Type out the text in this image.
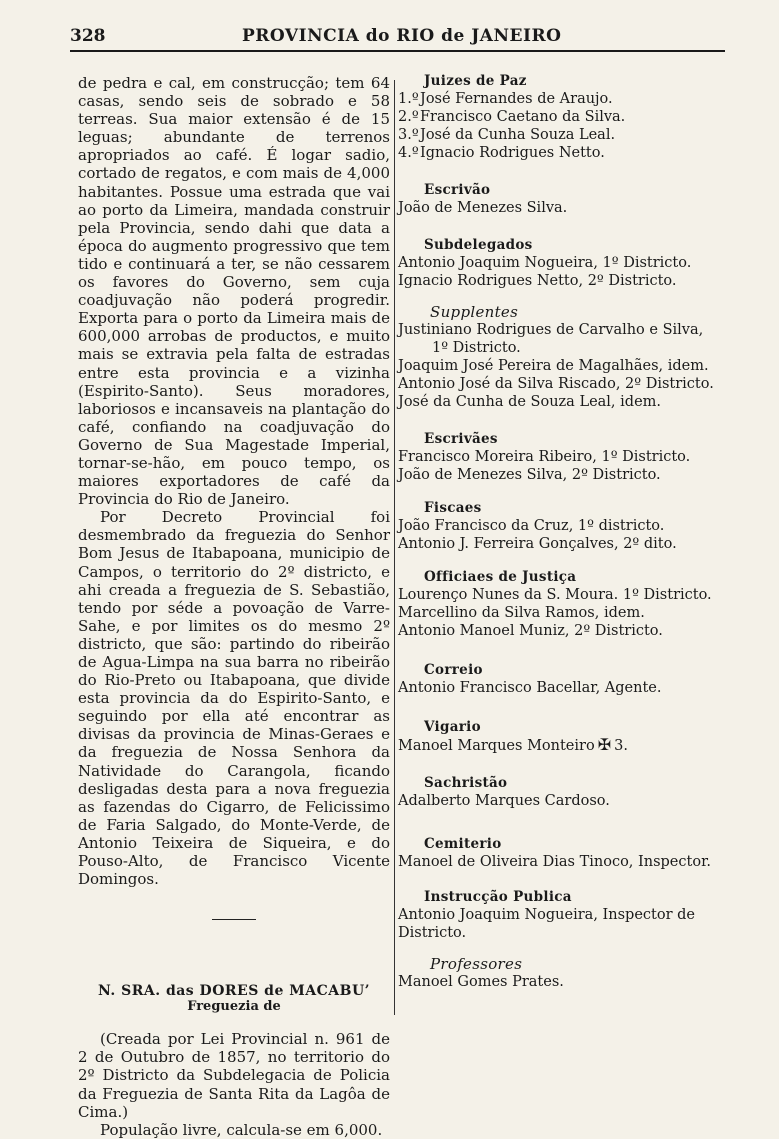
328	PROVINCIA do RIO de JANEIRO

de pedra e cal, em construcção; tem 64 casas, sendo seis de sobrado e 58 terreas. Sua maior extensão é de 15 leguas; abundante de terrenos apropriados ao café. É logar sadio, cortado de regatos, e com mais de 4,000 habitantes. Possue uma estrada que vai ao porto da Limeira, mandada construir pela Provincia, sendo dahi que data a época do augmento progressivo que tem tido e continuará a ter, se não cessarem os favores do Governo, sem cuja coadjuvação não poderá progredir. Exporta para o porto da Limeira mais de 600,000 arrobas de productos, e muito mais se extravia pela falta de estradas entre esta provincia e a vizinha (Espirito-Santo). Seus moradores, laboriosos e incansaveis na plantação do café, confiando na coadjuvação do Governo de Sua Magestade Imperial, tornar-se-hão, em pouco tempo, os maiores exportadores de café da Provincia do Rio de Janeiro.

Por Decreto Provincial foi desmembrado da freguezia do Senhor Bom Jesus de Itabapoana, municipio de Campos, o territorio do 2º districto, e ahi creada a freguezia de S. Sebastião, tendo por séde a povoação de Varre-Sahe, e por limites os do mesmo 2º districto, que são: partindo do ribeirão de Agua-Limpa na sua barra no ribeirão do Rio-Preto ou Itabapoana, que divide esta provincia da do Espirito-Santo, e seguindo por ella até encontrar as divisas da provincia de Minas-Geraes e da freguezia de Nossa Senhora da Natividade do Carangola, ficando desligadas desta para a nova freguezia as fazendas do Cigarro, de Felicissimo de Faria Salgado, do Monte-Verde, de Antonio Teixeira de Siqueira, e do Pouso-Alto, de Francisco Vicente Domingos.

N. SRA. das DORES de MACABU’
Freguezia de

(Creada por Lei Provincial n. 961 de 2 de Outubro de 1857, no territorio do 2º Districto da Subdelegacia de Policia da Freguezia de Santa Rita da Lagôa de Cima.)

População livre, calcula-se em 6,000.

Juizes de Paz
1.ºJosé Fernandes de Araujo.
2.ºFrancisco Caetano da Silva.
3.ºJosé da Cunha Souza Leal.
4.ºIgnacio Rodrigues Netto.
Escrivão
João de Menezes Silva.
Subdelegados
Antonio Joaquim Nogueira, 1º Districto.
Ignacio Rodrigues Netto, 2º Districto.
Supplentes
Justiniano Rodrigues de Carvalho e Silva,
1º Districto.
Joaquim José Pereira de Magalhães, idem.
Antonio José da Silva Riscado, 2º Districto.
José da Cunha de Souza Leal, idem.
Escrivães
Francisco Moreira Ribeiro, 1º Districto.
João de Menezes Silva, 2º Districto.
Fiscaes
João Francisco da Cruz, 1º districto.
Antonio J. Ferreira Gonçalves, 2º dito.
Officiaes de Justiça
Lourenço Nunes da S. Moura. 1º Districto.
Marcellino da Silva Ramos, idem.
Antonio Manoel Muniz, 2º Districto.
Correio
Antonio Francisco Bacellar, Agente.
Vigario
Manoel Marques Monteiro ✠ 3.
Sachristão
Adalberto Marques Cardoso.
Cemiterio
Manoel de Oliveira Dias Tinoco, Inspector.
Instrucção Publica
Antonio Joaquim Nogueira, Inspector de Districto.
Professores
Manoel Gomes Prates.
